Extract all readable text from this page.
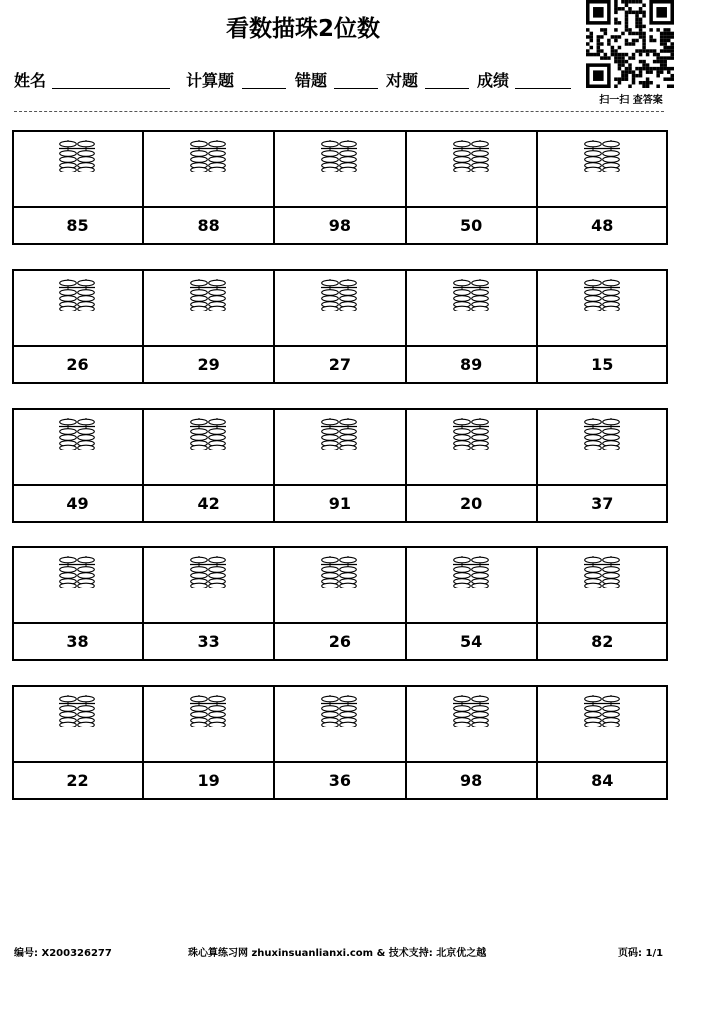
看数描珠2位数
扫一扫 查答案
姓名	计算题	错题	对题	成绩
85	88	98	50	48
26	29	27	89	15
49	42	91	20	37
38	33	26	54	82
22	19	36	98	84
编号: X200326277	珠心算练习网 zhuxinsuanlianxi.com & 技术支持: 北京优之越	页码: 1/1
